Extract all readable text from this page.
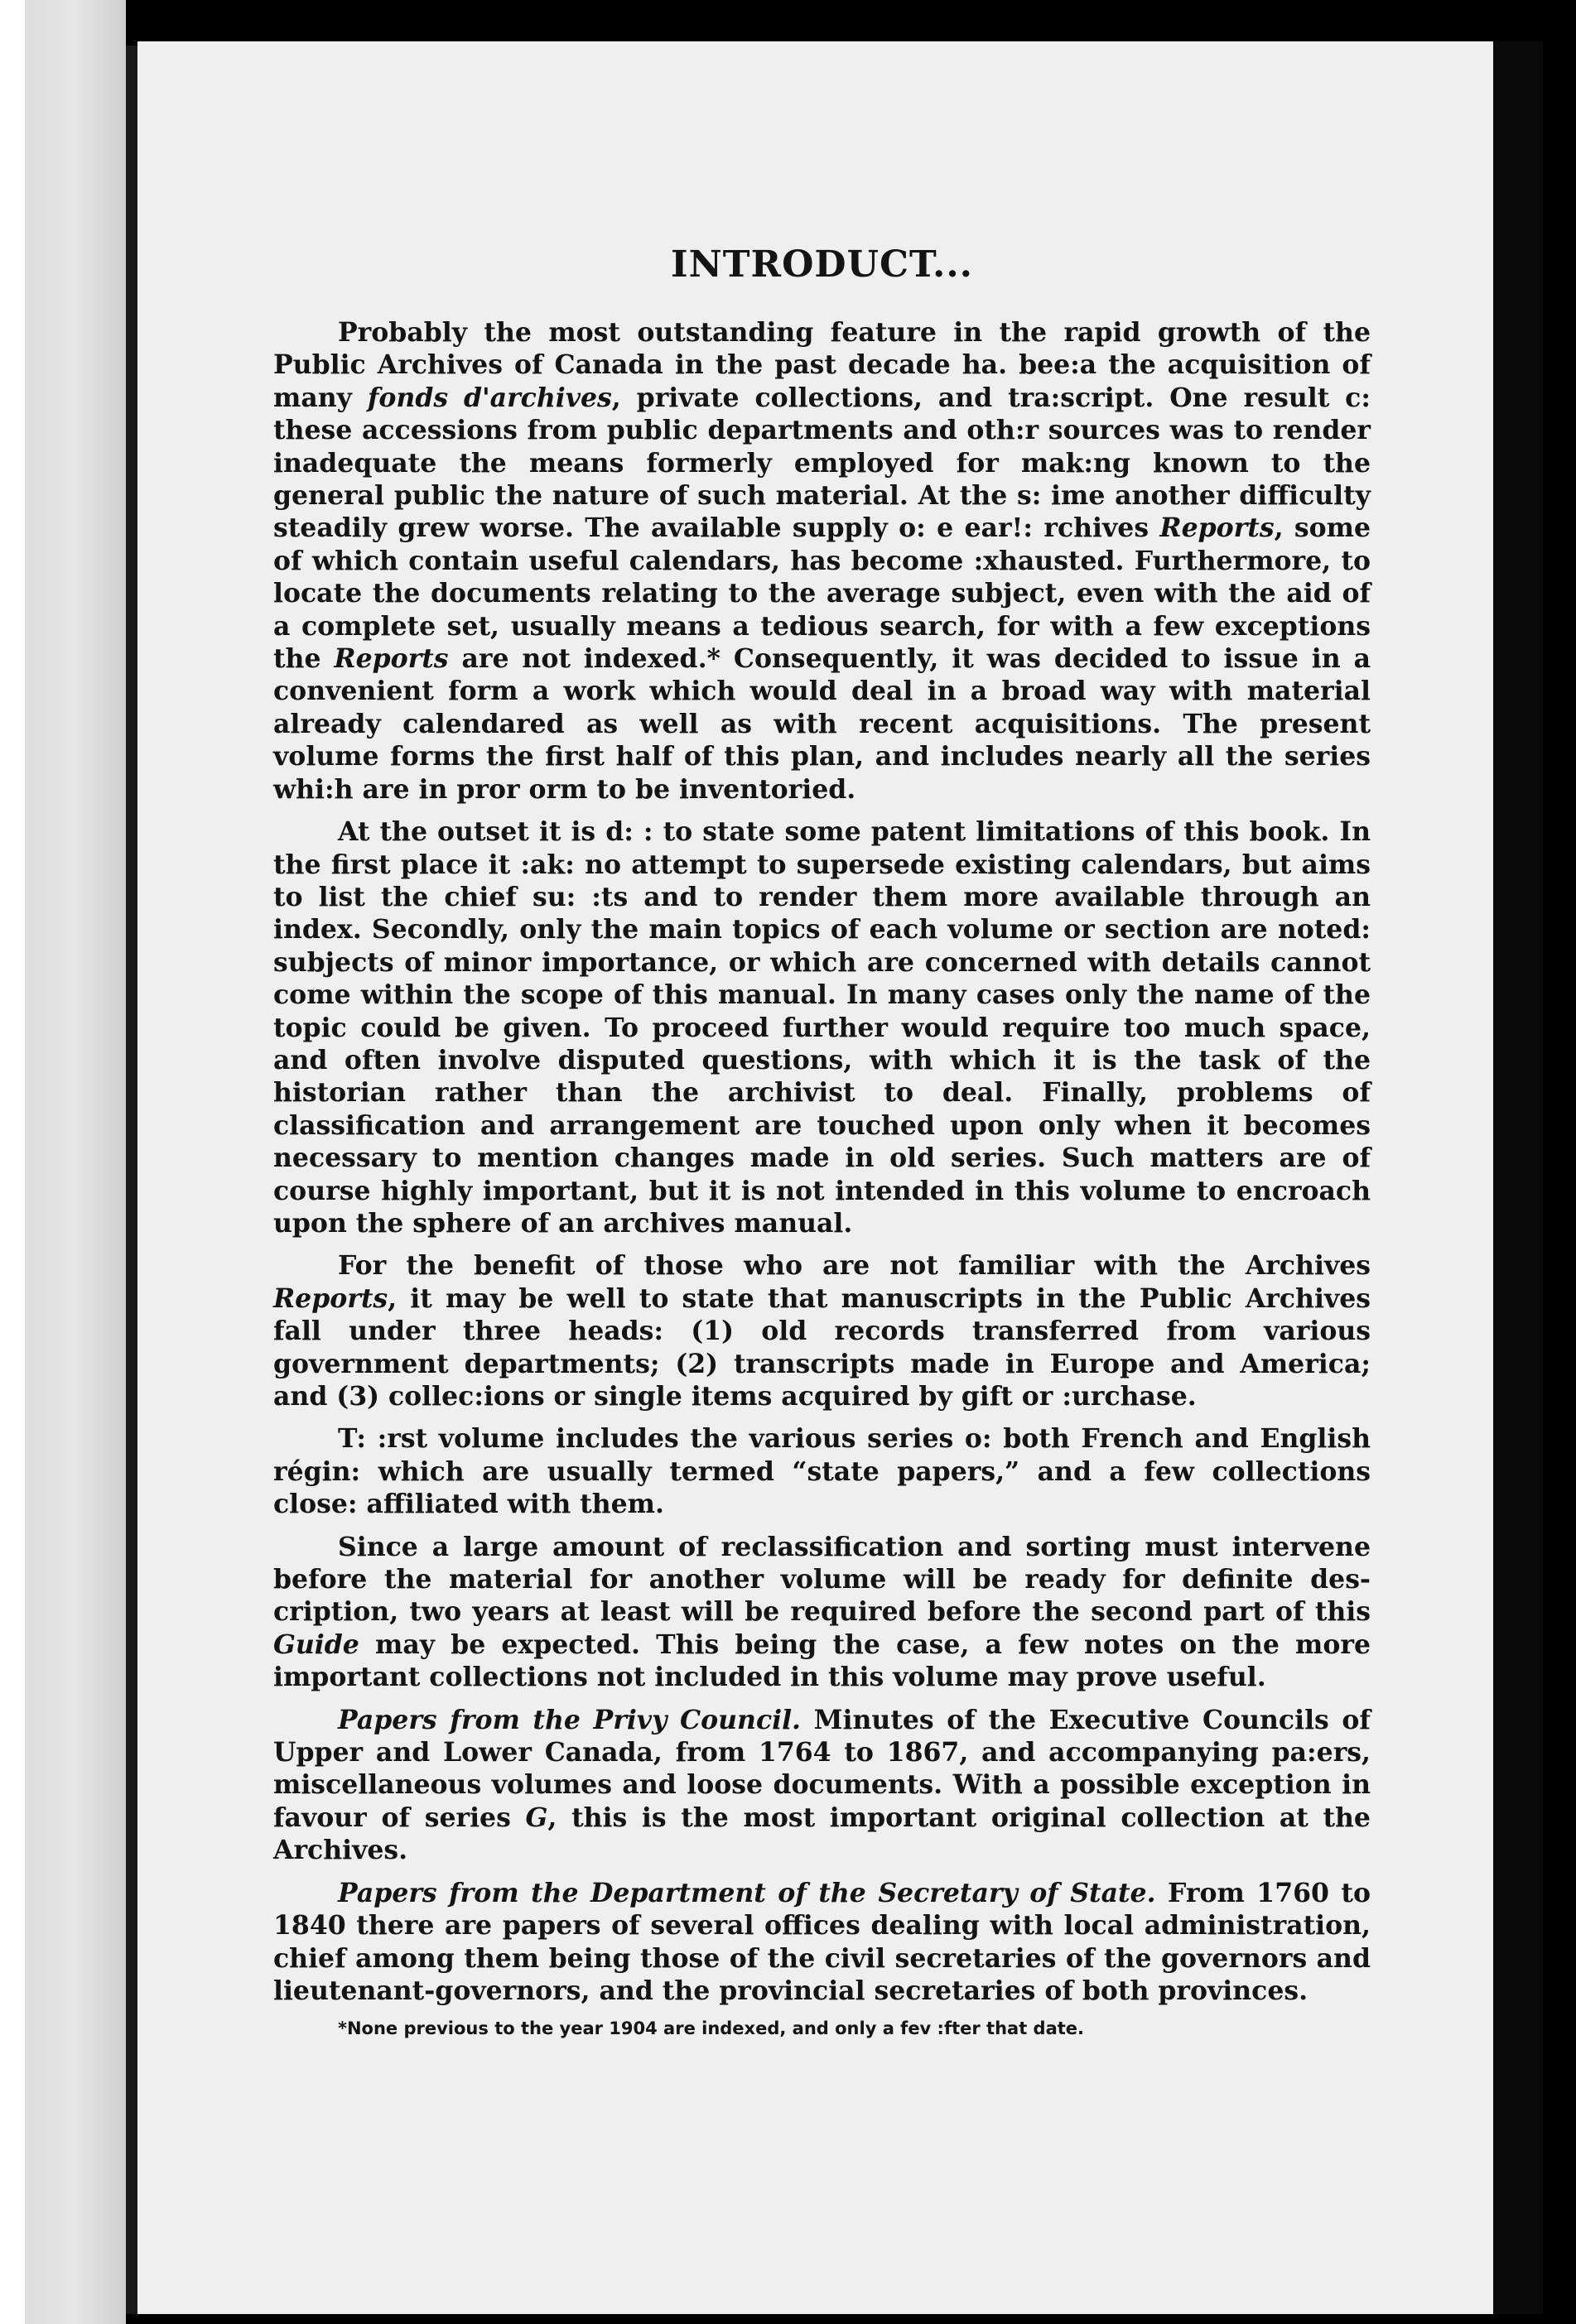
INTRODUCT...

Probably the most outstanding feature in the rapid growth of the Public Archives of Canada in the past decade ha. bee:a the acquisition of many fonds d'archives, private collections, and tra:script. One result c: these accessions from public departments and oth:r sources was to render inadequate the means formerly employed for mak:ng known to the general public the nature of such material. At the s: ime another difficulty steadily grew worse. The available supply o: e ear!: rchives Reports, some of which contain useful calendars, has become :xhausted. Furthermore, to locate the documents relating to the average subject, even with the aid of a complete set, usually means a tedious search, for with a few exceptions the Reports are not indexed.* Consequently, it was decided to issue in a convenient form a work which would deal in a broad way with material already calendared as well as with recent acquisitions. The present volume forms the first half of this plan, and includes nearly all the series whi:h are in pror orm to be inventoried.

At the outset it is d: : to state some patent limitations of this book. In the first place it :ak: no attempt to supersede existing calendars, but aims to list the chief su: :ts and to render them more available through an index. Secondly, only the main topics of each volume or section are noted: subjects of minor importance, or which are concerned with details cannot come within the scope of this manual. In many cases only the name of the topic could be given. To proceed further would require too much space, and often involve disputed questions, with which it is the task of the historian rather than the archivist to deal. Finally, problems of classification and arrangement are touched upon only when it becomes necessary to mention changes made in old series. Such matters are of course highly important, but it is not intended in this volume to encroach upon the sphere of an archives manual.

For the benefit of those who are not familiar with the Archives Reports, it may be well to state that manuscripts in the Public Archives fall under three heads: (1) old records transferred from various government departments; (2) transcripts made in Europe and America; and (3) collec:ions or single items acquired by gift or :urchase.

T: :rst volume includes the various series o: both French and English régin: which are usually termed “state papers,” and a few collections close: affiliated with them.

Since a large amount of reclassification and sorting must intervene before the material for another volume will be ready for definite des-cription, two years at least will be required before the second part of this Guide may be expected. This being the case, a few notes on the more important collections not included in this volume may prove useful.

Papers from the Privy Council. Minutes of the Executive Councils of Upper and Lower Canada, from 1764 to 1867, and accompanying pa:ers, miscellaneous volumes and loose documents. With a possible exception in favour of series G, this is the most important original collection at the Archives.

Papers from the Department of the Secretary of State. From 1760 to 1840 there are papers of several offices dealing with local administration, chief among them being those of the civil secretaries of the governors and lieutenant-governors, and the provincial secretaries of both provinces.

*None previous to the year 1904 are indexed, and only a fev :fter that date.
